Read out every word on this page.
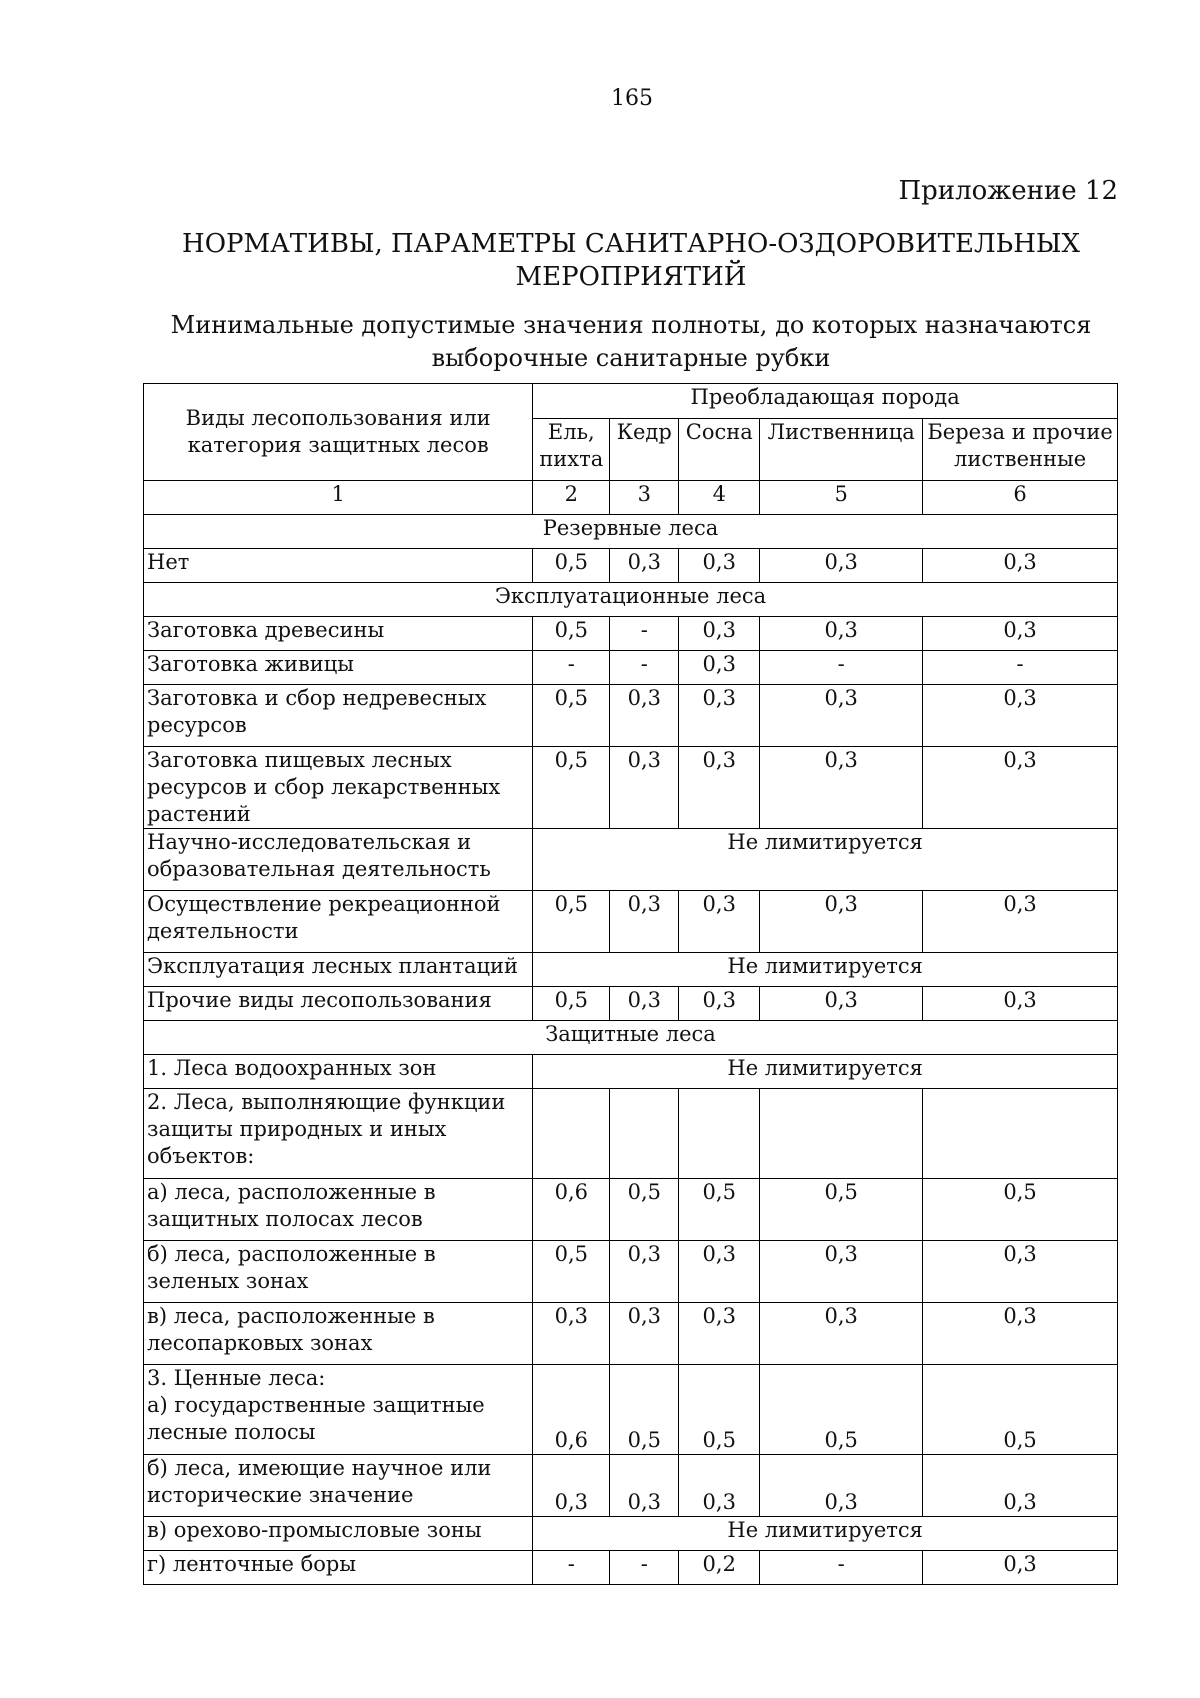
165
Приложение 12
НОРМАТИВЫ, ПАРАМЕТРЫ САНИТАРНО-ОЗДОРОВИТЕЛЬНЫХ
МЕРОПРИЯТИЙ
Минимальные допустимые значения полноты, до которых назначаются
выборочные санитарные рубки
Виды лесопользования или категория защитных лесов	Преобладающая порода				
	Ель, пихта	Кедр	Сосна	Лиственница	Береза и прочие лиственные
1	2	3	4	5	6
Резервные леса					
Нет	0,5	0,3	0,3	0,3	0,3
Эксплуатационные леса					
Заготовка древесины	0,5	-	0,3	0,3	0,3
Заготовка живицы	-	-	0,3	-	-
Заготовка и сбор недревесных ресурсов	0,5	0,3	0,3	0,3	0,3
Заготовка пищевых лесных ресурсов и сбор лекарственных растений	0,5	0,3	0,3	0,3	0,3
Научно-исследовательская и образовательная деятельность	Не лимитируется				
Осуществление рекреационной деятельности	0,5	0,3	0,3	0,3	0,3
Эксплуатация лесных плантаций	Не лимитируется				
Прочие виды лесопользования	0,5	0,3	0,3	0,3	0,3
Защитные леса					
1. Леса водоохранных зон	Не лимитируется				
2. Леса, выполняющие функции защиты природных и иных объектов:					
а) леса, расположенные в защитных полосах лесов	0,6	0,5	0,5	0,5	0,5
б) леса, расположенные в зеленых зонах	0,5	0,3	0,3	0,3	0,3
в) леса, расположенные в лесопарковых зонах	0,3	0,3	0,3	0,3	0,3

3. Ценные леса:
а) государственные защитные лесные полосы	0,6	0,5	0,5	0,5	0,5
б) леса, имеющие научное или исторические значение	0,3	0,3	0,3	0,3	0,3
в) орехово-промысловые зоны	Не лимитируется				
г) ленточные боры	-	-	0,2	-	0,3
